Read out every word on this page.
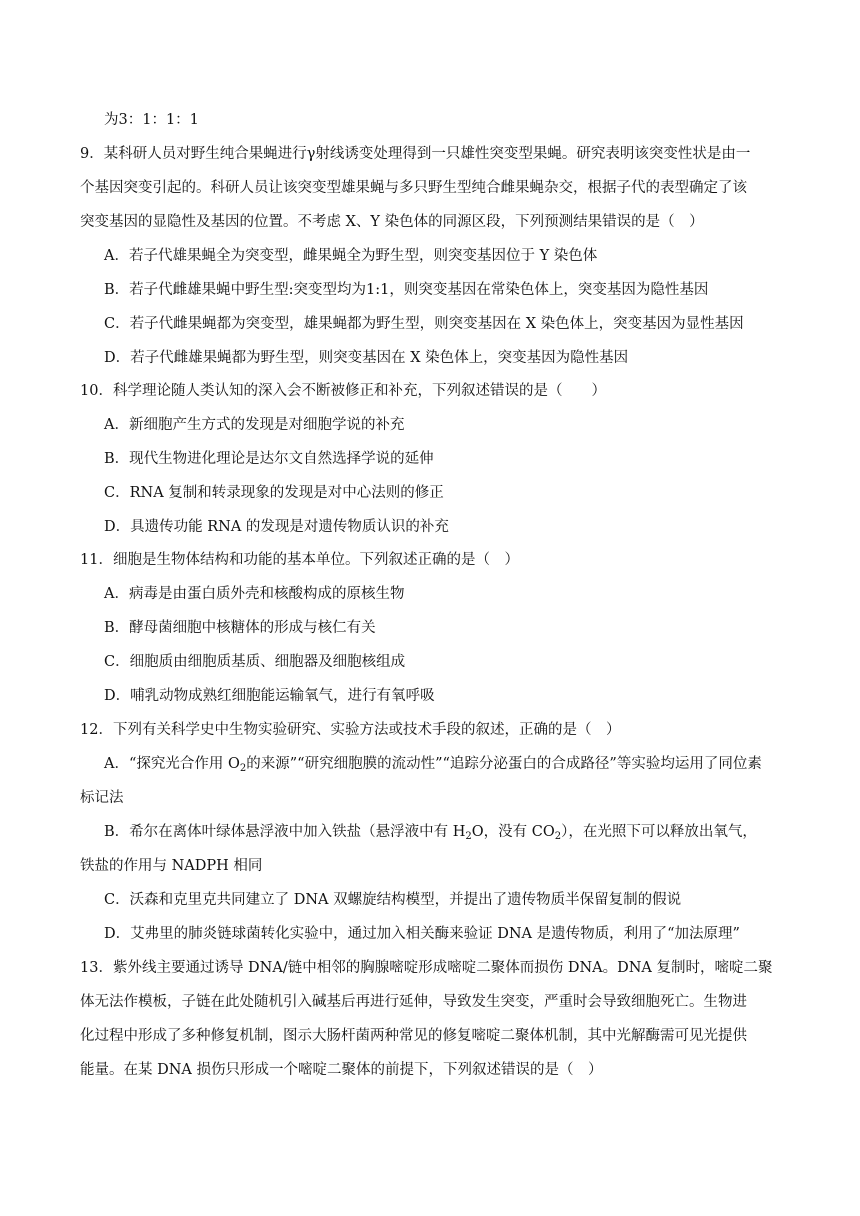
为3：1：1：1
9．某科研人员对野生纯合果蝇进行γ射线诱变处理得到一只雄性突变型果蝇。研究表明该突变性状是由一
个基因突变引起的。科研人员让该突变型雄果蝇与多只野生型纯合雌果蝇杂交，根据子代的表型确定了该
突变基因的显隐性及基因的位置。不考虑 X、Y 染色体的同源区段，下列预测结果错误的是（　）
A．若子代雄果蝇全为突变型，雌果蝇全为野生型，则突变基因位于 Y 染色体
B．若子代雌雄果蝇中野生型:突变型均为1:1，则突变基因在常染色体上，突变基因为隐性基因
C．若子代雌果蝇都为突变型，雄果蝇都为野生型，则突变基因在 X 染色体上，突变基因为显性基因
D．若子代雌雄果蝇都为野生型，则突变基因在 X 染色体上，突变基因为隐性基因
10．科学理论随人类认知的深入会不断被修正和补充，下列叙述错误的是（　　）
A．新细胞产生方式的发现是对细胞学说的补充
B．现代生物进化理论是达尔文自然选择学说的延伸
C．RNA 复制和转录现象的发现是对中心法则的修正
D．具遗传功能 RNA 的发现是对遗传物质认识的补充
11．细胞是生物体结构和功能的基本单位。下列叙述正确的是（　）
A．病毒是由蛋白质外壳和核酸构成的原核生物
B．酵母菌细胞中核糖体的形成与核仁有关
C．细胞质由细胞质基质、细胞器及细胞核组成
D．哺乳动物成熟红细胞能运输氧气，进行有氧呼吸
12．下列有关科学史中生物实验研究、实验方法或技术手段的叙述，正确的是（　）
A．“探究光合作用 $O_2$的来源”“研究细胞膜的流动性”“追踪分泌蛋白的合成路径”等实验均运用了同位素
标记法
B．希尔在离体叶绿体悬浮液中加入铁盐（悬浮液中有 $H_2O$，没有 $CO_2$），在光照下可以释放出氧气，
铁盐的作用与 NADPH 相同
C．沃森和克里克共同建立了 DNA 双螺旋结构模型，并提出了遗传物质半保留复制的假说
D．艾弗里的肺炎链球菌转化实验中，通过加入相关酶来验证 DNA 是遗传物质，利用了“加法原理”
13．紫外线主要通过诱导 DNA/链中相邻的胸腺嘧啶形成嘧啶二聚体而损伤 DNA。DNA 复制时，嘧啶二聚
体无法作模板，子链在此处随机引入碱基后再进行延伸，导致发生突变，严重时会导致细胞死亡。生物进
化过程中形成了多种修复机制，图示大肠杆菌两种常见的修复嘧啶二聚体机制，其中光解酶需可见光提供
能量。在某 DNA 损伤只形成一个嘧啶二聚体的前提下，下列叙述错误的是（　）
